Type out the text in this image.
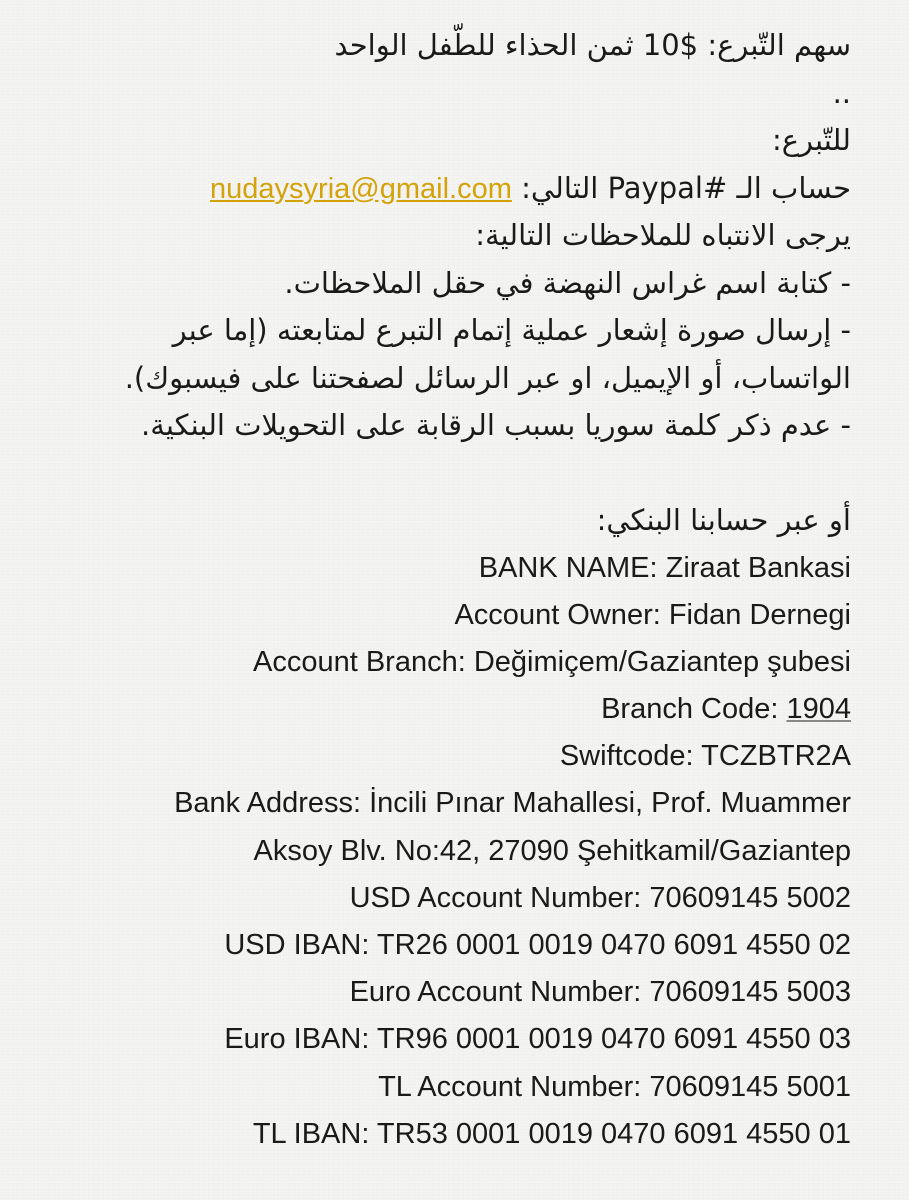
سهم التّبرع: $10 ثمن الحذاء للطّفل الواحد
..
للتّبرع:
حساب الـ #Paypal التالي: nudaysyria@gmail.com
يرجى الانتباه للملاحظات التالية:
- كتابة اسم غراس النهضة في حقل الملاحظات.
- إرسال صورة إشعار عملية إتمام التبرع لمتابعته (إما عبر
الواتساب، أو الإيميل، او عبر الرسائل لصفحتنا على فيسبوك).
- عدم ذكر كلمة سوريا بسبب الرقابة على التحويلات البنكية.
أو عبر حسابنا البنكي:
BANK NAME: Ziraat Bankasi
Account Owner: Fidan Dernegi
Account Branch: Değimiçem/Gaziantep şubesi
Branch Code: 1904
Swiftcode: TCZBTR2A
Bank Address: İncili Pınar Mahallesi, Prof. Muammer
Aksoy Blv. No:42, 27090 Şehitkamil/Gaziantep
USD Account Number: 70609145 5002
USD IBAN: TR26 0001 0019 0470 6091 4550 02
Euro Account Number: 70609145 5003
Euro IBAN: TR96 0001 0019 0470 6091 4550 03
TL Account Number: 70609145 5001
TL IBAN: TR53 0001 0019 0470 6091 4550 01
